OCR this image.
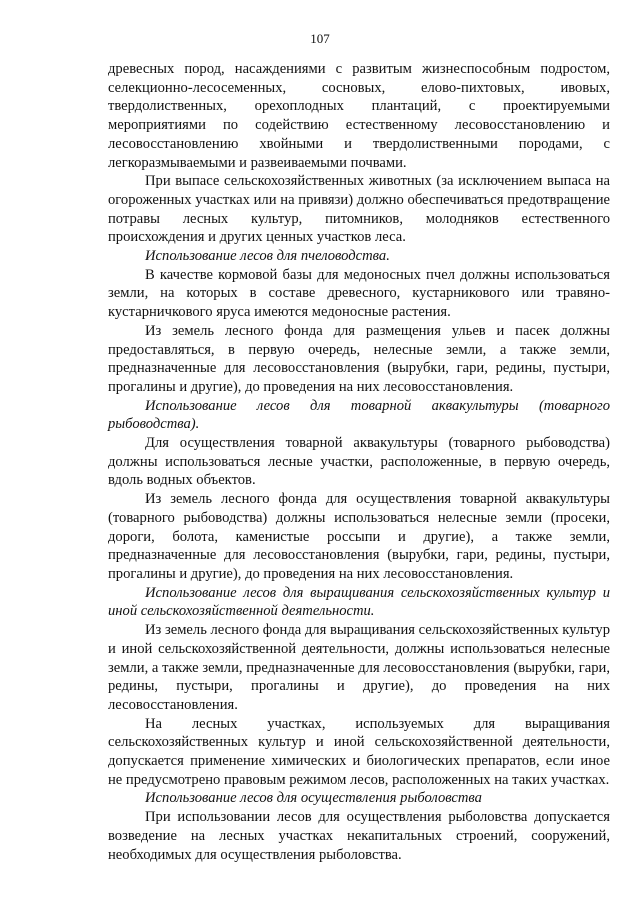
107

древесных пород, насаждениями с развитым жизнеспособным подростом, селекционно-лесосеменных, сосновых, елово-пихтовых, ивовых, твердолиственных, орехоплодных плантаций, с проектируемыми мероприятиями по содействию естественному лесовосстановлению и лесовосстановлению хвойными и твердолиственными породами, с легкоразмываемыми и развеиваемыми почвами.

При выпасе сельскохозяйственных животных (за исключением выпаса на огороженных участках или на привязи) должно обеспечиваться предотвращение потравы лесных культур, питомников, молодняков естественного происхождения и других ценных участков леса.

Использование лесов для пчеловодства.

В качестве кормовой базы для медоносных пчел должны использоваться земли, на которых в составе древесного, кустарникового или травяно-кустарничкового яруса имеются медоносные растения.

Из земель лесного фонда для размещения ульев и пасек должны предоставляться, в первую очередь, нелесные земли, а также земли, предназначенные для лесовосстановления (вырубки, гари, редины, пустыри, прогалины и другие), до проведения на них лесовосстановления.

Использование лесов для товарной аквакультуры (товарного рыбоводства).

Для осуществления товарной аквакультуры (товарного рыбоводства) должны использоваться лесные участки, расположенные, в первую очередь, вдоль водных объектов.

Из земель лесного фонда для осуществления товарной аквакультуры (товарного рыбоводства) должны использоваться нелесные земли (просеки, дороги, болота, каменистые россыпи и другие), а также земли, предназначенные для лесовосстановления (вырубки, гари, редины, пустыри, прогалины и другие), до проведения на них лесовосстановления.

Использование лесов для выращивания сельскохозяйственных культур и иной сельскохозяйственной деятельности.

Из земель лесного фонда для выращивания сельскохозяйственных культур и иной сельскохозяйственной деятельности, должны использоваться нелесные земли, а также земли, предназначенные для лесовосстановления (вырубки, гари, редины, пустыри, прогалины и другие), до проведения на них лесовосстановления.

На лесных участках, используемых для выращивания сельскохозяйственных культур и иной сельскохозяйственной деятельности, допускается применение химических и биологических препаратов, если иное не предусмотрено правовым режимом лесов, расположенных на таких участках.

Использование лесов для осуществления рыболовства

При использовании лесов для осуществления рыболовства допускается возведение на лесных участках некапитальных строений, сооружений, необходимых для осуществления рыболовства.
